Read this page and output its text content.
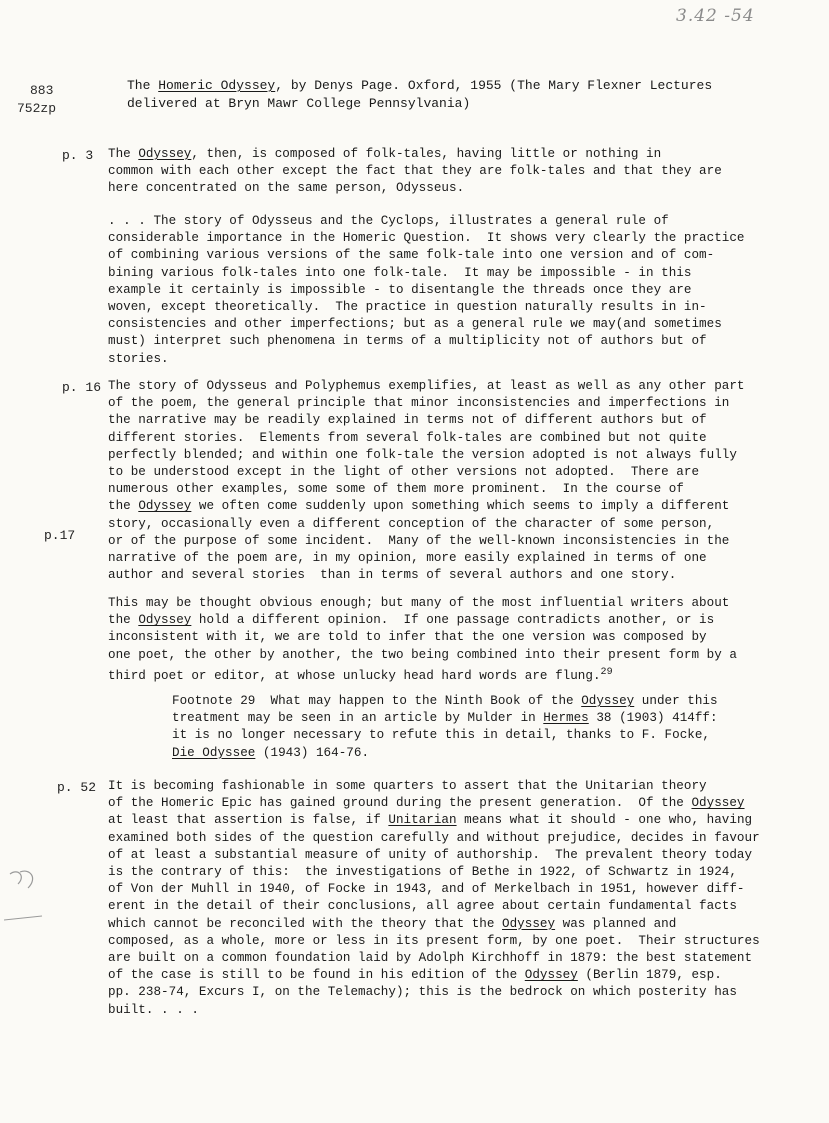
3.42 -54
883
752zp
The Homeric Odyssey, by Denys Page. Oxford, 1955 (The Mary Flexner Lectures
delivered at Bryn Mawr College Pennsylvania)
p. 3 The Odyssey, then, is composed of folk-tales, having little or nothing in
common with each other except the fact that they are folk-tales and that they are
here concentrated on the same person, Odysseus.
. . . The story of Odysseus and the Cyclops, illustrates a general rule of
considerable importance in the Homeric Question.  It shows very clearly the practice
of combining various versions of the same folk-tale into one version and of com-
bining various folk-tales into one folk-tale.  It may be impossible - in this
example it certainly is impossible - to disentangle the threads once they are
woven, except theoretically.  The practice in question naturally results in in-
consistencies and other imperfections; but as a general rule we may(and sometimes
must) interpret such phenomena in terms of a multiplicity not of authors but of
stories.
p. 16 The story of Odysseus and Polyphemus exemplifies, at least as well as any other part
of the poem, the general principle that minor inconsistencies and imperfections in
the narrative may be readily explained in terms not of different authors but of
different stories.  Elements from several folk-tales are combined but not quite
perfectly blended; and within one folk-tale the version adopted is not always fully
to be understood except in the light of other versions not adopted.  There are
numerous other examples, some some of them more prominent.  In the course of
the Odyssey we often come suddenly upon something which seems to imply a different
story, occasionally even a different conception of the character of some person,
or of the purpose of some incident.  Many of the well-known inconsistencies in the
narrative of the poem are, in my opinion, more easily explained in terms of one
author and several stories  than in terms of several authors and one story.
p.17
This may be thought obvious enough; but many of the most influential writers about
the Odyssey hold a different opinion.  If one passage contradicts another, or is
inconsistent with it, we are told to infer that the one version was composed by
one poet, the other by another, the two being combined into their present form by a
third poet or editor, at whose unlucky head hard words are flung.$^{29}$
Footnote 29  What may happen to the Ninth Book of the Odyssey under this
treatment may be seen in an article by Mulder in Hermes 38 (1903) 414ff:
it is no longer necessary to refute this in detail, thanks to F. Focke,
Die Odyssee (1943) 164-76.
p. 52 It is becoming fashionable in some quarters to assert that the Unitarian theory
of the Homeric Epic has gained ground during the present generation.  Of the Odyssey
at least that assertion is false, if Unitarian means what it should - one who, having
examined both sides of the question carefully and without prejudice, decides in favour
of at least a substantial measure of unity of authorship.  The prevalent theory today
is the contrary of this:  the investigations of Bethe in 1922, of Schwartz in 1924,
of Von der Muhll in 1940, of Focke in 1943, and of Merkelbach in 1951, however diff-
erent in the detail of their conclusions, all agree about certain fundamental facts
which cannot be reconciled with the theory that the Odyssey was planned and
composed, as a whole, more or less in its present form, by one poet.  Their structures
are built on a common foundation laid by Adolph Kirchhoff in 1879: the best statement
of the case is still to be found in his edition of the Odyssey (Berlin 1879, esp.
pp. 238-74, Excurs I, on the Telemachy); this is the bedrock on which posterity has
built. . . .
